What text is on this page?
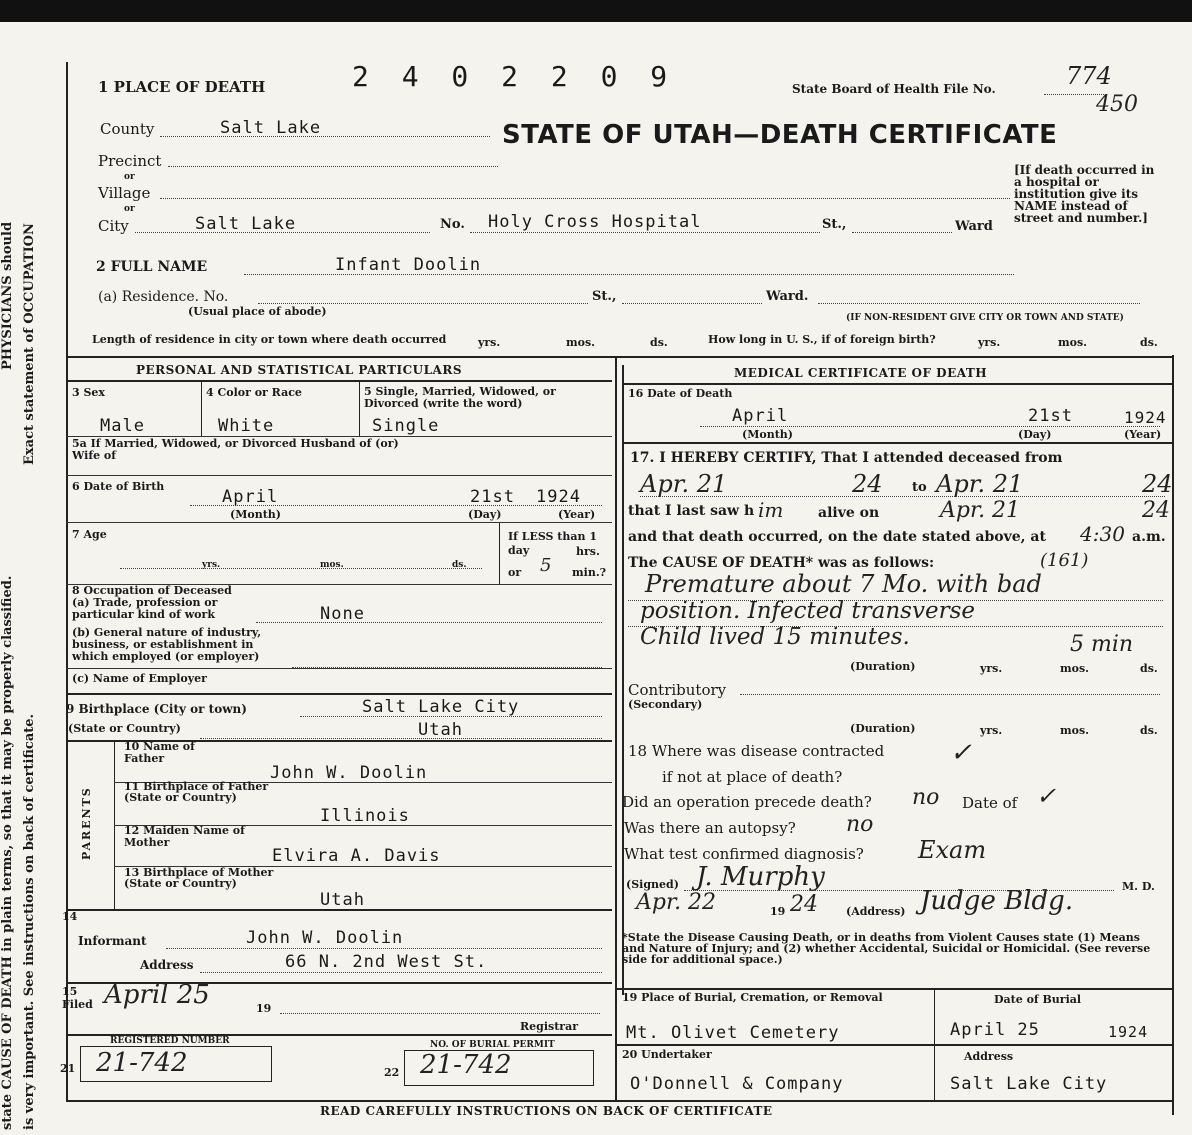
state CAUSE OF DEATH in plain terms, so that it may be properly classified. is very important. See instructions on back of certificate.
Exact statement of OCCUPATION
PHYSICIANS should
1 PLACE OF DEATH	2 4 0 2 2 0 9	State Board of Health File No.	774
450
STATE OF UTAH—DEATH CERTIFICATE
County	Salt Lake
Precinct
or
Village
or
City	Salt Lake	No. Holy Cross Hospital	St.,	Ward
[If death occurred in a hospital or institution give its NAME instead of street and number.]
2 FULL NAME	Infant Doolin
(a) Residence. No.
(Usual place of abode)
St.,	Ward.
(IF NON-RESIDENT GIVE CITY OR TOWN AND STATE)
Length of residence in city or town where death occurred	yrs.	mos.	ds.	How long in U. S., if of foreign birth?	yrs.	mos.	ds.
PERSONAL AND STATISTICAL PARTICULARS
3 Sex
Male
4 Color or Race
White
5 Single, Married, Widowed, or Divorced (write the word)
Single
5a If Married, Widowed, or Divorced Husband of (or) Wife of
6 Date of Birth
April	21st 1924
(Month)	(Day)	(Year)
7 Age
yrs.	mos.	ds.
If LESS than 1 day	hrs.
or 5 min.?
8 Occupation of Deceased
(a) Trade, profession or particular kind of work	None
(b) General nature of industry, business, or establishment in which employed (or employer)
(c) Name of Employer
9 Birthplace (City or town)	Salt Lake City
(State or Country)	Utah
PARENTS
10 Name of Father
John W. Doolin
11 Birthplace of Father (State or Country)
Illinois
12 Maiden Name of Mother
Elvira A. Davis
13 Birthplace of Mother (State or Country)
Utah
14
Informant	John W. Doolin
Address	66 N. 2nd West St.
15
Filed April 25	19
Registrar
REGISTERED NUMBER
21 21-742
NO. OF BURIAL PERMIT
22 21-742
MEDICAL CERTIFICATE OF DEATH
16 Date of Death
April	21st	1924
(Month)	(Day)	(Year)
17. I HEREBY CERTIFY, That I attended deceased from
Apr. 21	24 to Apr. 21	24
that I last saw h im alive on	Apr. 21	24
and that death occurred, on the date stated above, at 4:30 a.m.
The CAUSE OF DEATH* was as follows:	(161)
Premature about 7 Mo. with bad
position. Infected transverse
Child lived 15 minutes.	5 min
(Duration)	yrs.	mos.	ds.
Contributory
(Secondary)
(Duration)	yrs.	mos.	ds.
18 Where was disease contracted
if not at place of death?
✓
Did an operation precede death? no Date of ✓
Was there an autopsy? no
What test confirmed diagnosis? Exam
(Signed) J. Murphy	M. D.
Apr. 22	19 24	(Address) Judge Bldg.
*State the Disease Causing Death, or in deaths from Violent Causes state (1) Means and Nature of Injury; and (2) whether Accidental, Suicidal or Homicidal. (See reverse side for additional space.)
19 Place of Burial, Cremation, or Removal
Mt. Olivet Cemetery
Date of Burial
April 25	1924
20 Undertaker
O'Donnell & Company
Address
Salt Lake City
READ CAREFULLY INSTRUCTIONS ON BACK OF CERTIFICATE
